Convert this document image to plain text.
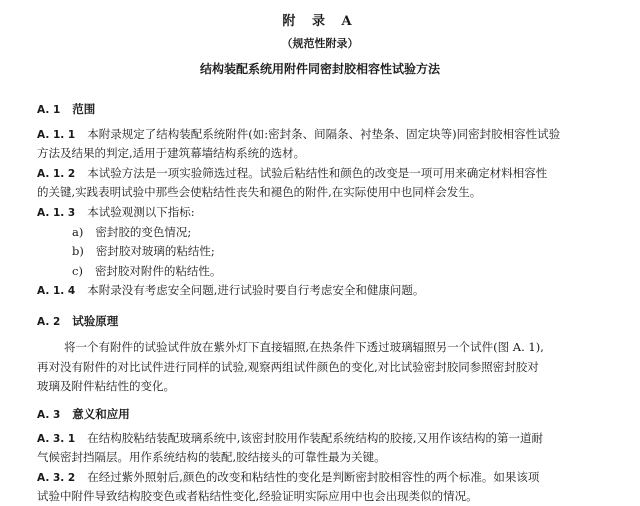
附 录 A
（规范性附录）
结构装配系统用附件同密封胶相容性试验方法
A. 1 范围
A. 1. 1 本附录规定了结构装配系统附件(如:密封条、间隔条、衬垫条、固定块等)同密封胶相容性试验
方法及结果的判定,适用于建筑幕墙结构系统的选材。
A. 1. 2 本试验方法是一项实验筛选过程。试验后粘结性和颜色的改变是一项可用来确定材料相容性
的关键,实践表明试验中那些会使粘结性丧失和褪色的附件,在实际使用中也同样会发生。
A. 1. 3 本试验观测以下指标:
a) 密封胶的变色情况;
b) 密封胶对玻璃的粘结性;
c) 密封胶对附件的粘结性。
A. 1. 4 本附录没有考虑安全问题,进行试验时要自行考虑安全和健康问题。
A. 2 试验原理
将一个有附件的试验试件放在紫外灯下直接辐照,在热条件下透过玻璃辐照另一个试件(图 A. 1),
再对没有附件的对比试件进行同样的试验,观察两组试件颜色的变化,对比试验密封胶同参照密封胶对
玻璃及附件粘结性的变化。
A. 3 意义和应用
A. 3. 1 在结构胶粘结装配玻璃系统中,该密封胶用作装配系统结构的胶接,又用作该结构的第一道耐
气候密封挡隔层。用作系统结构的装配,胶结接头的可靠性最为关键。
A. 3. 2 在经过紫外照射后,颜色的改变和粘结性的变化是判断密封胶相容性的两个标准。如果该项
试验中附件导致结构胶变色或者粘结性变化,经验证明实际应用中也会出现类似的情况。
